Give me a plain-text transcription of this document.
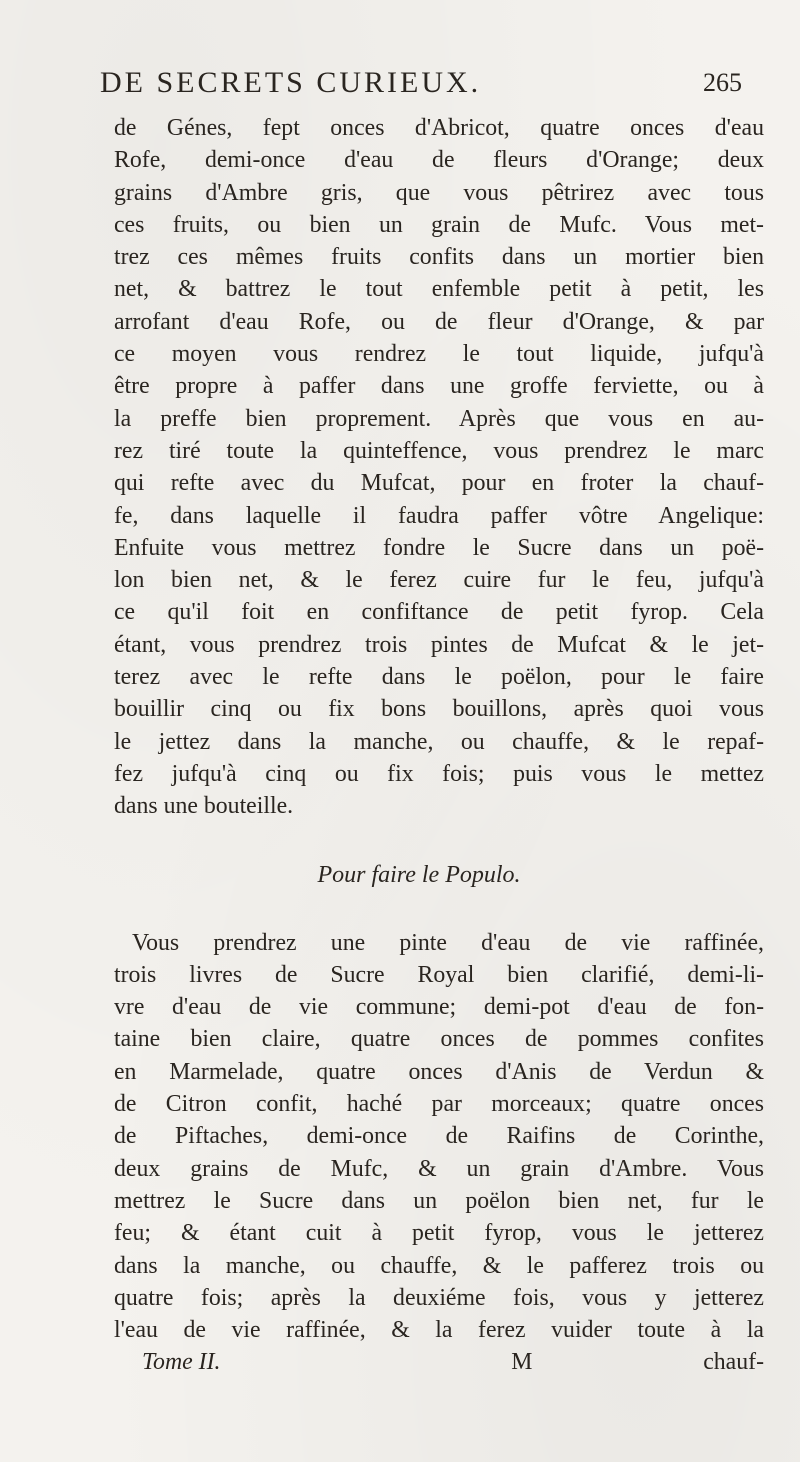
DE SECRETS CURIEUX.	265
de Génes, fept onces d'Abricot, quatre onces d'eau
Rofe, demi-once d'eau de fleurs d'Orange; deux
grains d'Ambre gris, que vous pêtrirez avec tous
ces fruits, ou bien un grain de Mufc. Vous met-
trez ces mêmes fruits confits dans un mortier bien
net, & battrez le tout enfemble petit à petit, les
arrofant d'eau Rofe, ou de fleur d'Orange, & par
ce moyen vous rendrez le tout liquide, jufqu'à
être propre à paffer dans une groffe ferviette, ou à
la preffe bien proprement. Après que vous en au-
rez tiré toute la quinteffence, vous prendrez le marc
qui refte avec du Mufcat, pour en froter la chauf-
fe, dans laquelle il faudra paffer vôtre Angelique:
Enfuite vous mettrez fondre le Sucre dans un poë-
lon bien net, & le ferez cuire fur le feu, jufqu'à
ce qu'il foit en confiftance de petit fyrop. Cela
étant, vous prendrez trois pintes de Mufcat & le jet-
terez avec le refte dans le poëlon, pour le faire
bouillir cinq ou fix bons bouillons, après quoi vous
le jettez dans la manche, ou chauffe, & le repaf-
fez jufqu'à cinq ou fix fois; puis vous le mettez
dans une bouteille.
Pour faire le Populo.
Vous prendrez une pinte d'eau de vie raffinée,
trois livres de Sucre Royal bien clarifié, demi-li-
vre d'eau de vie commune; demi-pot d'eau de fon-
taine bien claire, quatre onces de pommes confites
en Marmelade, quatre onces d'Anis de Verdun &
de Citron confit, haché par morceaux; quatre onces
de Piftaches, demi-once de Raifins de Corinthe,
deux grains de Mufc, & un grain d'Ambre. Vous
mettrez le Sucre dans un poëlon bien net, fur le
feu; & étant cuit à petit fyrop, vous le jetterez
dans la manche, ou chauffe, & le pafferez trois ou
quatre fois; après la deuxiéme fois, vous y jetterez
l'eau de vie raffinée, & la ferez vuider toute à la
Tome II.	M	chauf-
